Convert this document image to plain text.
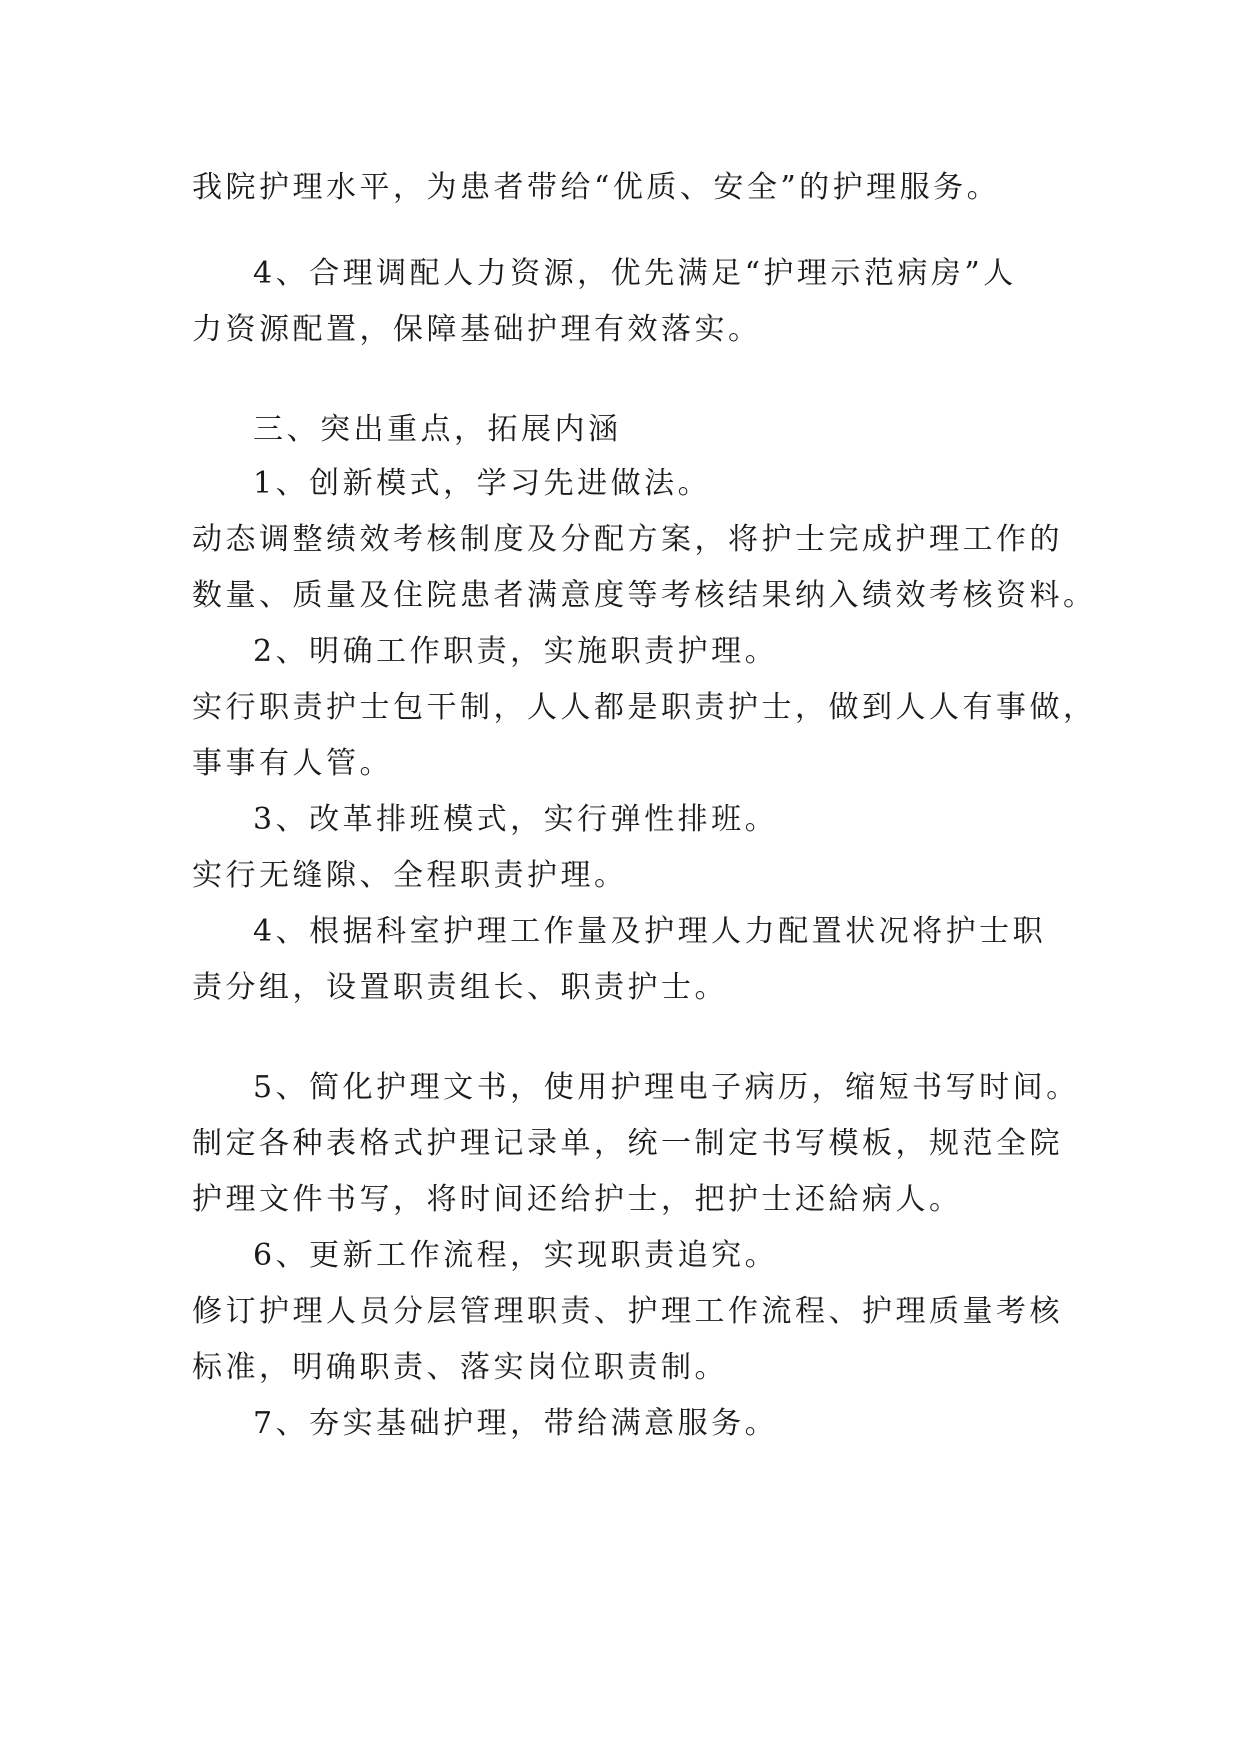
我院护理水平，为患者带给“优质、安全”的护理服务。
4、合理调配人力资源，优先满足“护理示范病房”人
力资源配置，保障基础护理有效落实。
三、突出重点，拓展内涵
1、创新模式，学习先进做法。
动态调整绩效考核制度及分配方案，将护士完成护理工作的
数量、质量及住院患者满意度等考核结果纳入绩效考核资料。
2、明确工作职责，实施职责护理。
实行职责护士包干制，人人都是职责护士，做到人人有事做，
事事有人管。
3、改革排班模式，实行弹性排班。
实行无缝隙、全程职责护理。
4、根据科室护理工作量及护理人力配置状况将护士职
责分组，设置职责组长、职责护士。
5、简化护理文书，使用护理电子病历，缩短书写时间。
制定各种表格式护理记录单，统一制定书写模板，规范全院
护理文件书写，将时间还给护士，把护士还給病人。
6、更新工作流程，实现职责追究。
修订护理人员分层管理职责、护理工作流程、护理质量考核
标准，明确职责、落实岗位职责制。
7、夯实基础护理，带给满意服务。
